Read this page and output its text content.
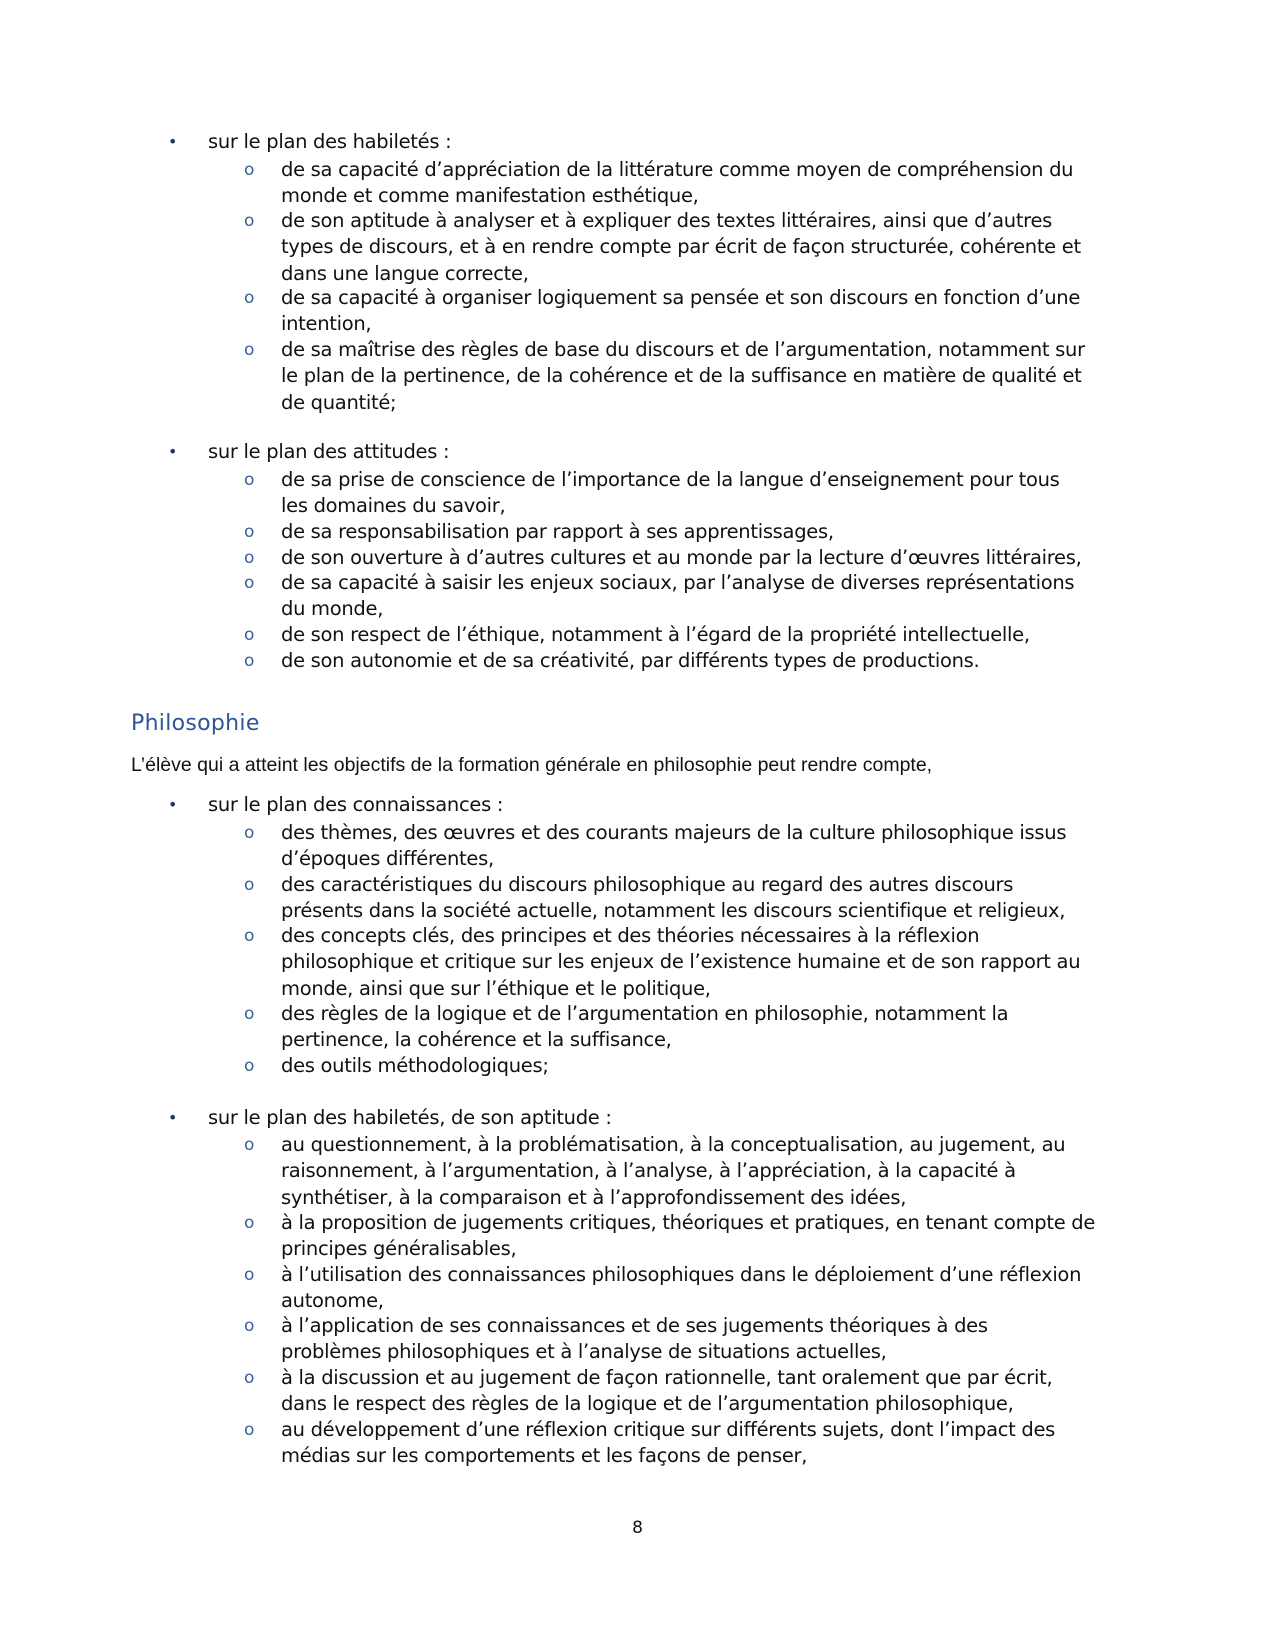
• sur le plan des habiletés :
o de sa capacité d’appréciation de la littérature comme moyen de compréhension du
monde et comme manifestation esthétique,
o de son aptitude à analyser et à expliquer des textes littéraires, ainsi que d’autres
types de discours, et à en rendre compte par écrit de façon structurée, cohérente et
dans une langue correcte,
o de sa capacité à organiser logiquement sa pensée et son discours en fonction d’une
intention,
o de sa maîtrise des règles de base du discours et de l’argumentation, notamment sur
le plan de la pertinence, de la cohérence et de la suffisance en matière de qualité et
de quantité;
• sur le plan des attitudes :
o de sa prise de conscience de l’importance de la langue d’enseignement pour tous
les domaines du savoir,
o de sa responsabilisation par rapport à ses apprentissages,
o de son ouverture à d’autres cultures et au monde par la lecture d’œuvres littéraires,
o de sa capacité à saisir les enjeux sociaux, par l’analyse de diverses représentations
du monde,
o de son respect de l’éthique, notamment à l’égard de la propriété intellectuelle,
o de son autonomie et de sa créativité, par différents types de productions.
Philosophie
L’élève qui a atteint les objectifs de la formation générale en philosophie peut rendre compte,
• sur le plan des connaissances :
o des thèmes, des œuvres et des courants majeurs de la culture philosophique issus
d’époques différentes,
o des caractéristiques du discours philosophique au regard des autres discours
présents dans la société actuelle, notamment les discours scientifique et religieux,
o des concepts clés, des principes et des théories nécessaires à la réflexion
philosophique et critique sur les enjeux de l’existence humaine et de son rapport au
monde, ainsi que sur l’éthique et le politique,
o des règles de la logique et de l’argumentation en philosophie, notamment la
pertinence, la cohérence et la suffisance,
o des outils méthodologiques;
• sur le plan des habiletés, de son aptitude :
o au questionnement, à la problématisation, à la conceptualisation, au jugement, au
raisonnement, à l’argumentation, à l’analyse, à l’appréciation, à la capacité à
synthétiser, à la comparaison et à l’approfondissement des idées,
o à la proposition de jugements critiques, théoriques et pratiques, en tenant compte de
principes généralisables,
o à l’utilisation des connaissances philosophiques dans le déploiement d’une réflexion
autonome,
o à l’application de ses connaissances et de ses jugements théoriques à des
problèmes philosophiques et à l’analyse de situations actuelles,
o à la discussion et au jugement de façon rationnelle, tant oralement que par écrit,
dans le respect des règles de la logique et de l’argumentation philosophique,
o au développement d’une réflexion critique sur différents sujets, dont l’impact des
médias sur les comportements et les façons de penser,
8
